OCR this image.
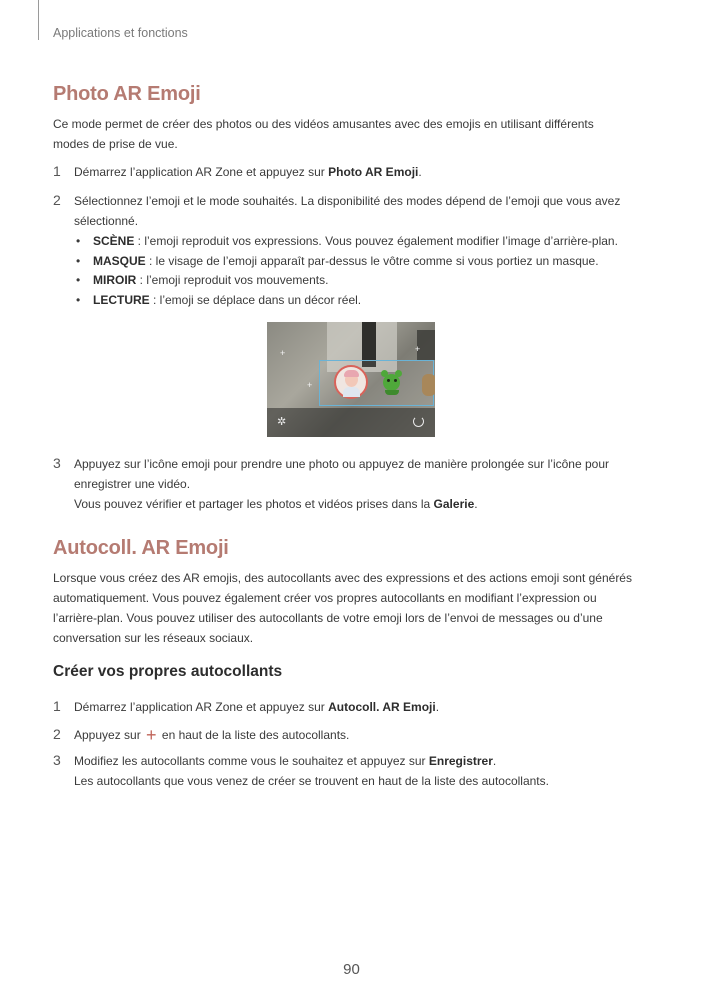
Applications et fonctions
Photo AR Emoji
Ce mode permet de créer des photos ou des vidéos amusantes avec des emojis en utilisant différents
modes de prise de vue.
1 Démarrez l’application AR Zone et appuyez sur Photo AR Emoji.
2 Sélectionnez l’emoji et le mode souhaités. La disponibilité des modes dépend de l’emoji que vous avez
sélectionné.
• SCÈNE : l’emoji reproduit vos expressions. Vous pouvez également modifier l’image d’arrière-plan.
• MASQUE : le visage de l’emoji apparaît par-dessus le vôtre comme si vous portiez un masque.
• MIROIR : l’emoji reproduit vos mouvements.
• LECTURE : l’emoji se déplace dans un décor réel.
+
+
+
✲
3 Appuyez sur l’icône emoji pour prendre une photo ou appuyez de manière prolongée sur l’icône pour
enregistrer une vidéo.
Vous pouvez vérifier et partager les photos et vidéos prises dans la Galerie.
Autocoll. AR Emoji
Lorsque vous créez des AR emojis, des autocollants avec des expressions et des actions emoji sont générés
automatiquement. Vous pouvez également créer vos propres autocollants en modifiant l’expression ou
l’arrière-plan. Vous pouvez utiliser des autocollants de votre emoji lors de l’envoi de messages ou d’une
conversation sur les réseaux sociaux.
Créer vos propres autocollants
1 Démarrez l’application AR Zone et appuyez sur Autocoll. AR Emoji.
2 Appuyez sur + en haut de la liste des autocollants.
3 Modifiez les autocollants comme vous le souhaitez et appuyez sur Enregistrer.
Les autocollants que vous venez de créer se trouvent en haut de la liste des autocollants.
90
